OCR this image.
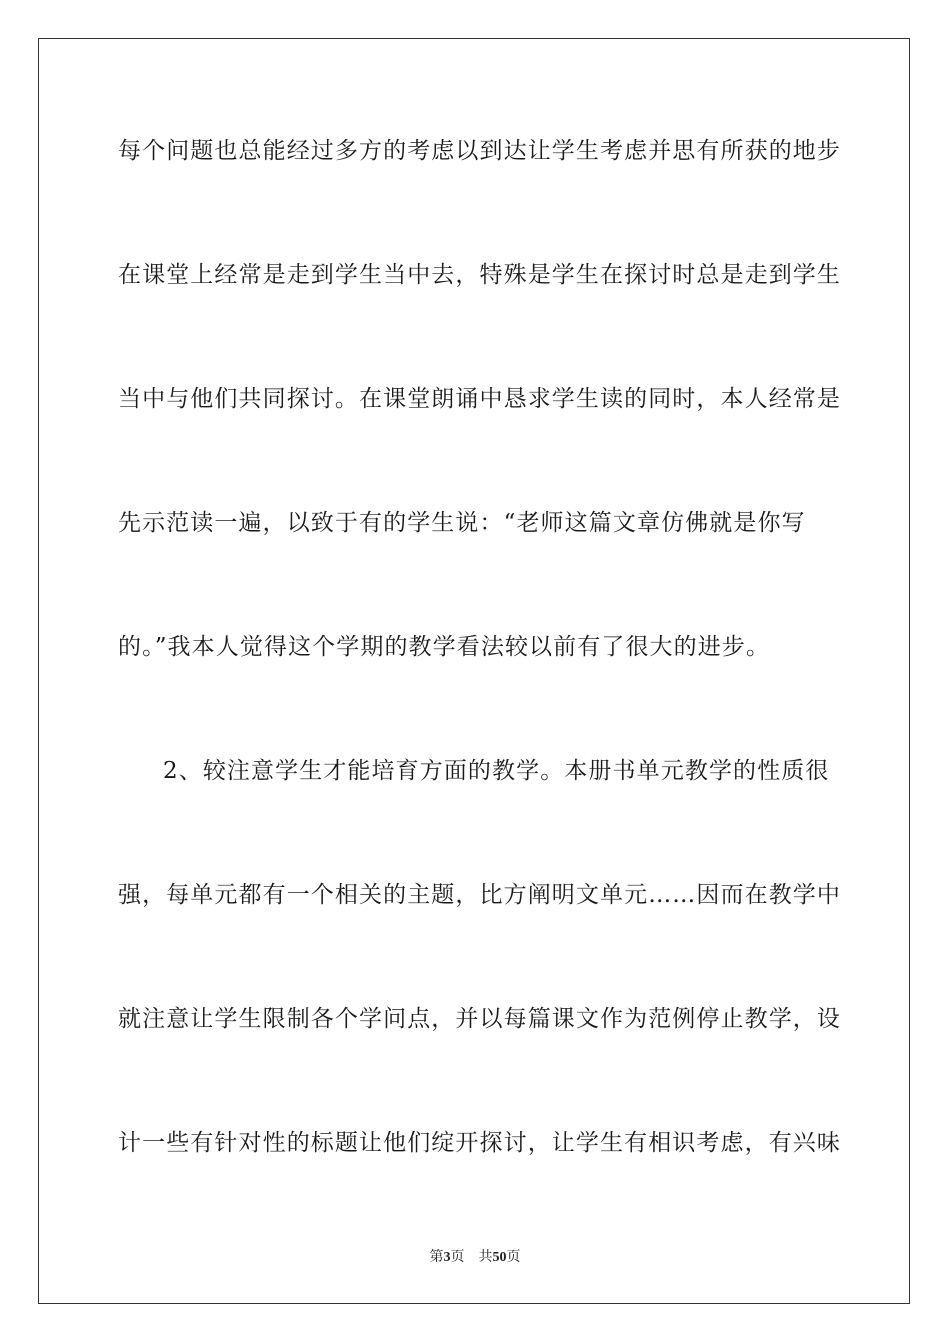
每个问题也总能经过多方的考虑以到达让学生考虑并思有所获的地步
在课堂上经常是走到学生当中去，特殊是学生在探讨时总是走到学生
当中与他们共同探讨。在课堂朗诵中恳求学生读的同时，本人经常是
先示范读一遍，以致于有的学生说：“老师这篇文章仿佛就是你写
的。”我本人觉得这个学期的教学看法较以前有了很大的进步。
2、较注意学生才能培育方面的教学。本册书单元教学的性质很
强，每单元都有一个相关的主题，比方阐明文单元……因而在教学中
就注意让学生限制各个学问点，并以每篇课文作为范例停止教学，设
计一些有针对性的标题让他们绽开探讨，让学生有相识考虑，有兴味
第3页 共50页
